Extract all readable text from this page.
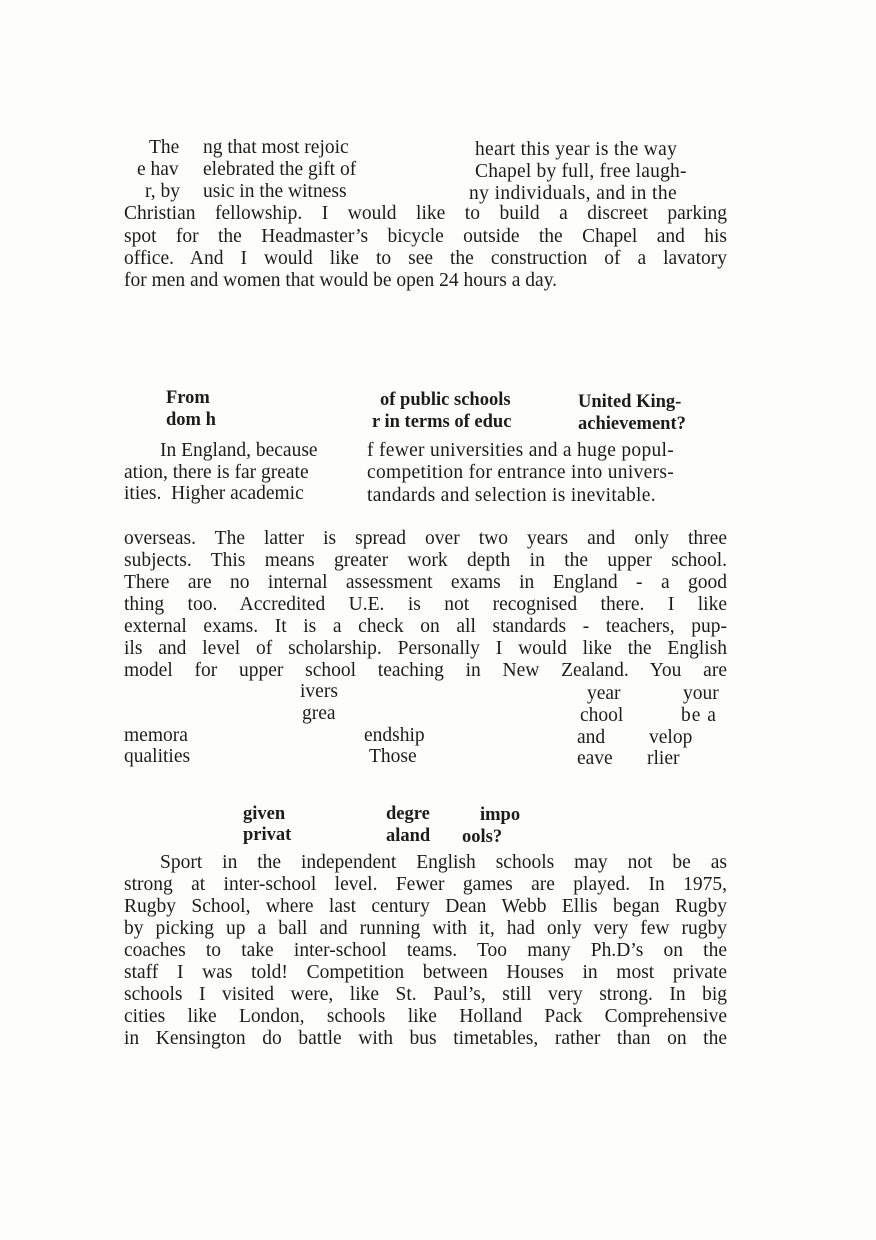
The ng that most rejoic	heart this year is the way
e hav elebrated the gift of	Chapel by full, free laugh-
r, by usic in the witness	ny individuals, and in the
Christian fellowship. I would like to build a discreet parking
spot for the Headmaster’s bicycle outside the Chapel and his
office. And I would like to see the construction of a lavatory
for men and women that would be open 24 hours a day.
From	of public schools	United King-
dom h	r in terms of educ	achievement?
In England, because	f fewer universities and a huge popul-
ation, there is far greate	competition for entrance into univers-
ities.  Higher academic	tandards and selection is inevitable.
overseas. The latter is spread over two years and only three
subjects. This means greater work depth in the upper school.
There are no internal assessment exams in England - a good
thing too. Accredited U.E. is not recognised there. I like
external exams. It is a check on all standards - teachers, pup-
ils and level of scholarship. Personally I would like the English
model for upper school teaching in New Zealand. You are
ivers	year	your
grea	chool	be a
memora	endship	and velop
qualities	Those	eave rlier
given	degre	impo
privat	aland ools?
Sport in the independent English schools may not be as
strong at inter-school level. Fewer games are played. In 1975,
Rugby School, where last century Dean Webb Ellis began Rugby
by picking up a ball and running with it, had only very few rugby
coaches to take inter-school teams. Too many Ph.D’s on the
staff I was told! Competition between Houses in most private
schools I visited were, like St. Paul’s, still very strong. In big
cities like London, schools like Holland Pack Comprehensive
in Kensington do battle with bus timetables, rather than on the
